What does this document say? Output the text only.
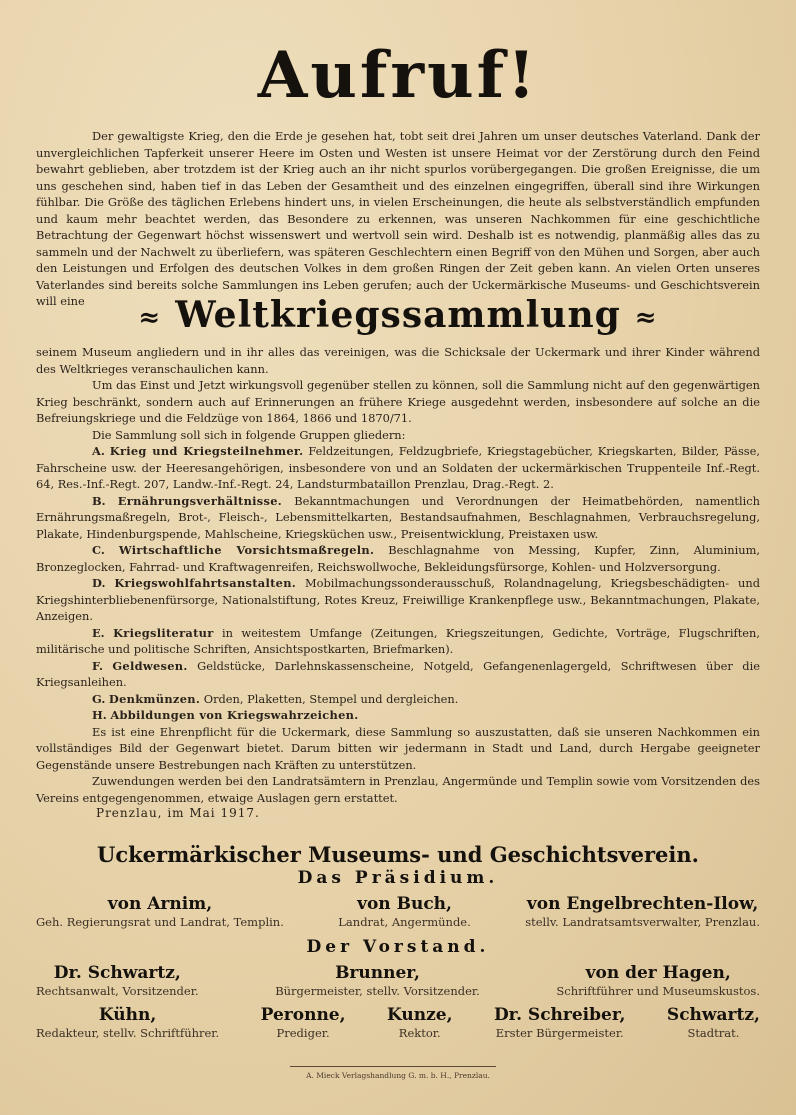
Aufruf!

Der gewaltigste Krieg, den die Erde je gesehen hat, tobt seit drei Jahren um unser deutsches Vaterland. Dank der unvergleichlichen Tapferkeit unserer Heere im Osten und Westen ist unsere Heimat vor der Zerstörung durch den Feind bewahrt geblieben, aber trotzdem ist der Krieg auch an ihr nicht spurlos vorübergegangen. Die großen Ereignisse, die um uns geschehen sind, haben tief in das Leben der Gesamtheit und des einzelnen eingegriffen, überall sind ihre Wirkungen fühlbar. Die Größe des täglichen Erlebens hindert uns, in vielen Erscheinungen, die heute als selbstverständlich empfunden und kaum mehr beachtet werden, das Besondere zu erkennen, was unseren Nachkommen für eine geschichtliche Betrachtung der Gegenwart höchst wissenswert und wertvoll sein wird. Deshalb ist es notwendig, planmäßig alles das zu sammeln und der Nachwelt zu überliefern, was späteren Geschlechtern einen Begriff von den Mühen und Sorgen, aber auch den Leistungen und Erfolgen des deutschen Volkes in dem großen Ringen der Zeit geben kann. An vielen Orten unseres Vaterlandes sind bereits solche Sammlungen ins Leben gerufen; auch der Uckermärkische Museums- und Geschichtsverein will eine

≈ Weltkriegssammlung ≈

seinem Museum angliedern und in ihr alles das vereinigen, was die Schicksale der Uckermark und ihrer Kinder während des Weltkrieges veranschaulichen kann.

Um das Einst und Jetzt wirkungsvoll gegenüber stellen zu können, soll die Sammlung nicht auf den gegenwärtigen Krieg beschränkt, sondern auch auf Erinnerungen an frühere Kriege ausgedehnt werden, insbesondere auf solche an die Befreiungskriege und die Feldzüge von 1864, 1866 und 1870/71.

Die Sammlung soll sich in folgende Gruppen gliedern:

A. Krieg und Kriegsteilnehmer. Feldzeitungen, Feldzugbriefe, Kriegstagebücher, Kriegskarten, Bilder, Pässe, Fahrscheine usw. der Heeresangehörigen, insbesondere von und an Soldaten der uckermärkischen Truppenteile Inf.-Regt. 64, Res.-Inf.-Regt. 207, Landw.-Inf.-Regt. 24, Landsturmbataillon Prenzlau, Drag.-Regt. 2.

B. Ernährungsverhältnisse. Bekanntmachungen und Verordnungen der Heimatbehörden, namentlich Ernährungsmaßregeln, Brot-, Fleisch-, Lebensmittelkarten, Bestandsaufnahmen, Beschlagnahmen, Verbrauchsregelung, Plakate, Hindenburgspende, Mahlscheine, Kriegsküchen usw., Preisentwicklung, Preistaxen usw.

C. Wirtschaftliche Vorsichtsmaßregeln. Beschlagnahme von Messing, Kupfer, Zinn, Aluminium, Bronzeglocken, Fahrrad- und Kraftwagenreifen, Reichswollwoche, Bekleidungsfürsorge, Kohlen- und Holzversorgung.

D. Kriegswohlfahrtsanstalten. Mobilmachungssonderausschuß, Rolandnagelung, Kriegsbeschädigten- und Kriegshinterbliebenenfürsorge, Nationalstiftung, Rotes Kreuz, Freiwillige Krankenpflege usw., Bekanntmachungen, Plakate, Anzeigen.

E. Kriegsliteratur in weitestem Umfange (Zeitungen, Kriegszeitungen, Gedichte, Vorträge, Flugschriften, militärische und politische Schriften, Ansichtspostkarten, Briefmarken).

F. Geldwesen. Geldstücke, Darlehnskassenscheine, Notgeld, Gefangenenlagergeld, Schriftwesen über die Kriegsanleihen.

G. Denkmünzen. Orden, Plaketten, Stempel und dergleichen.

H. Abbildungen von Kriegswahrzeichen.

Es ist eine Ehrenpflicht für die Uckermark, diese Sammlung so auszustatten, daß sie unseren Nachkommen ein vollständiges Bild der Gegenwart bietet. Darum bitten wir jedermann in Stadt und Land, durch Hergabe geeigneter Gegenstände unsere Bestrebungen nach Kräften zu unterstützen.

Zuwendungen werden bei den Landratsämtern in Prenzlau, Angermünde und Templin sowie vom Vorsitzenden des Vereins entgegengenommen, etwaige Auslagen gern erstattet.

Prenzlau, im Mai 1917.
Uckermärkischer Museums- und Geschichtsverein.
Das Präsidium.
von Arnim,
Geh. Regierungsrat und Landrat, Templin.
von Buch,
Landrat, Angermünde.
von Engelbrechten-Ilow,
stellv. Landratsamtsverwalter, Prenzlau.
Der Vorstand.
Dr. Schwartz,
Rechtsanwalt, Vorsitzender.
Brunner,
Bürgermeister, stellv. Vorsitzender.
von der Hagen,
Schriftführer und Museumskustos.
Kühn,
Redakteur, stellv. Schriftführer.
Peronne,
Prediger.
Kunze,
Rektor.
Dr. Schreiber,
Erster Bürgermeister.
Schwartz,
Stadtrat.
A. Mieck Verlagshandlung G. m. b. H., Prenzlau.
